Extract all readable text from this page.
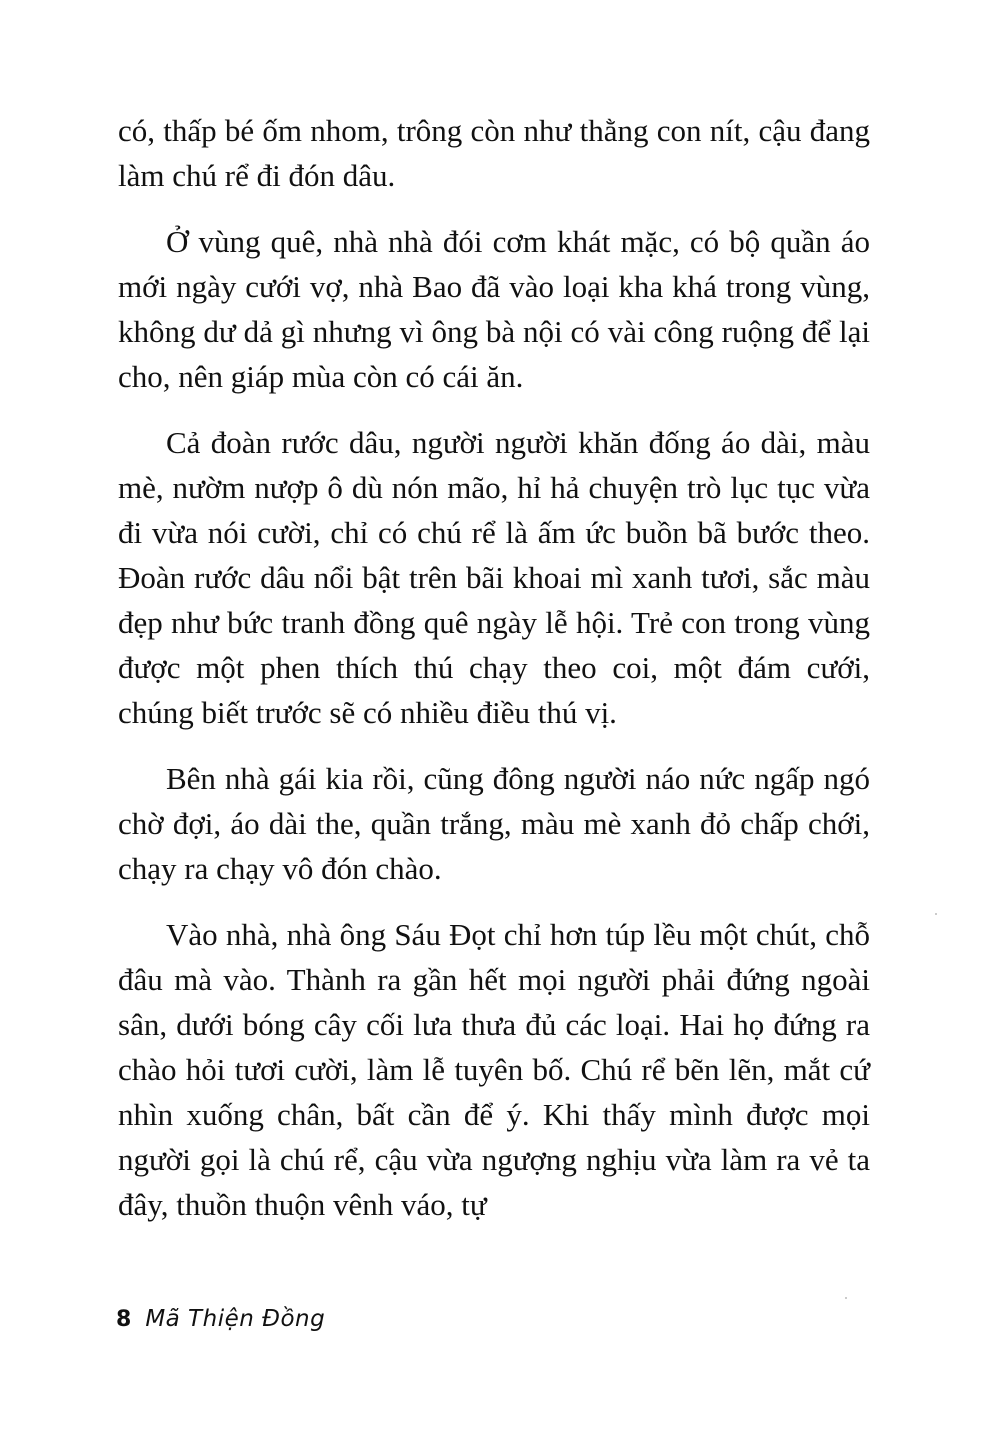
có, thấp bé ốm nhom, trông còn như thằng con nít, cậu đang làm chú rể đi đón dâu.

Ở vùng quê, nhà nhà đói cơm khát mặc, có bộ quần áo mới ngày cưới vợ, nhà Bao đã vào loại kha khá trong vùng, không dư dả gì nhưng vì ông bà nội có vài công ruộng để lại cho, nên giáp mùa còn có cái ăn.

Cả đoàn rước dâu, người người khăn đống áo dài, màu mè, nườm nượp ô dù nón mão, hỉ hả chuyện trò lục tục vừa đi vừa nói cười, chỉ có chú rể là ấm ức buồn bã bước theo. Đoàn rước dâu nổi bật trên bãi khoai mì xanh tươi, sắc màu đẹp như bức tranh đồng quê ngày lễ hội. Trẻ con trong vùng được một phen thích thú chạy theo coi, một đám cưới, chúng biết trước sẽ có nhiều điều thú vị.

Bên nhà gái kia rồi, cũng đông người náo nức ngấp ngó chờ đợi, áo dài the, quần trắng, màu mè xanh đỏ chấp chới, chạy ra chạy vô đón chào.

Vào nhà, nhà ông Sáu Đọt chỉ hơn túp lều một chút, chỗ đâu mà vào. Thành ra gần hết mọi người phải đứng ngoài sân, dưới bóng cây cối lưa thưa đủ các loại. Hai họ đứng ra chào hỏi tươi cười, làm lễ tuyên bố. Chú rể bẽn lẽn, mắt cứ nhìn xuống chân, bất cần để ý. Khi thấy mình được mọi người gọi là chú rể, cậu vừa ngượng nghịu vừa làm ra vẻ ta đây, thuồn thuộn vênh váo, tự

8 Mã Thiện Đồng
